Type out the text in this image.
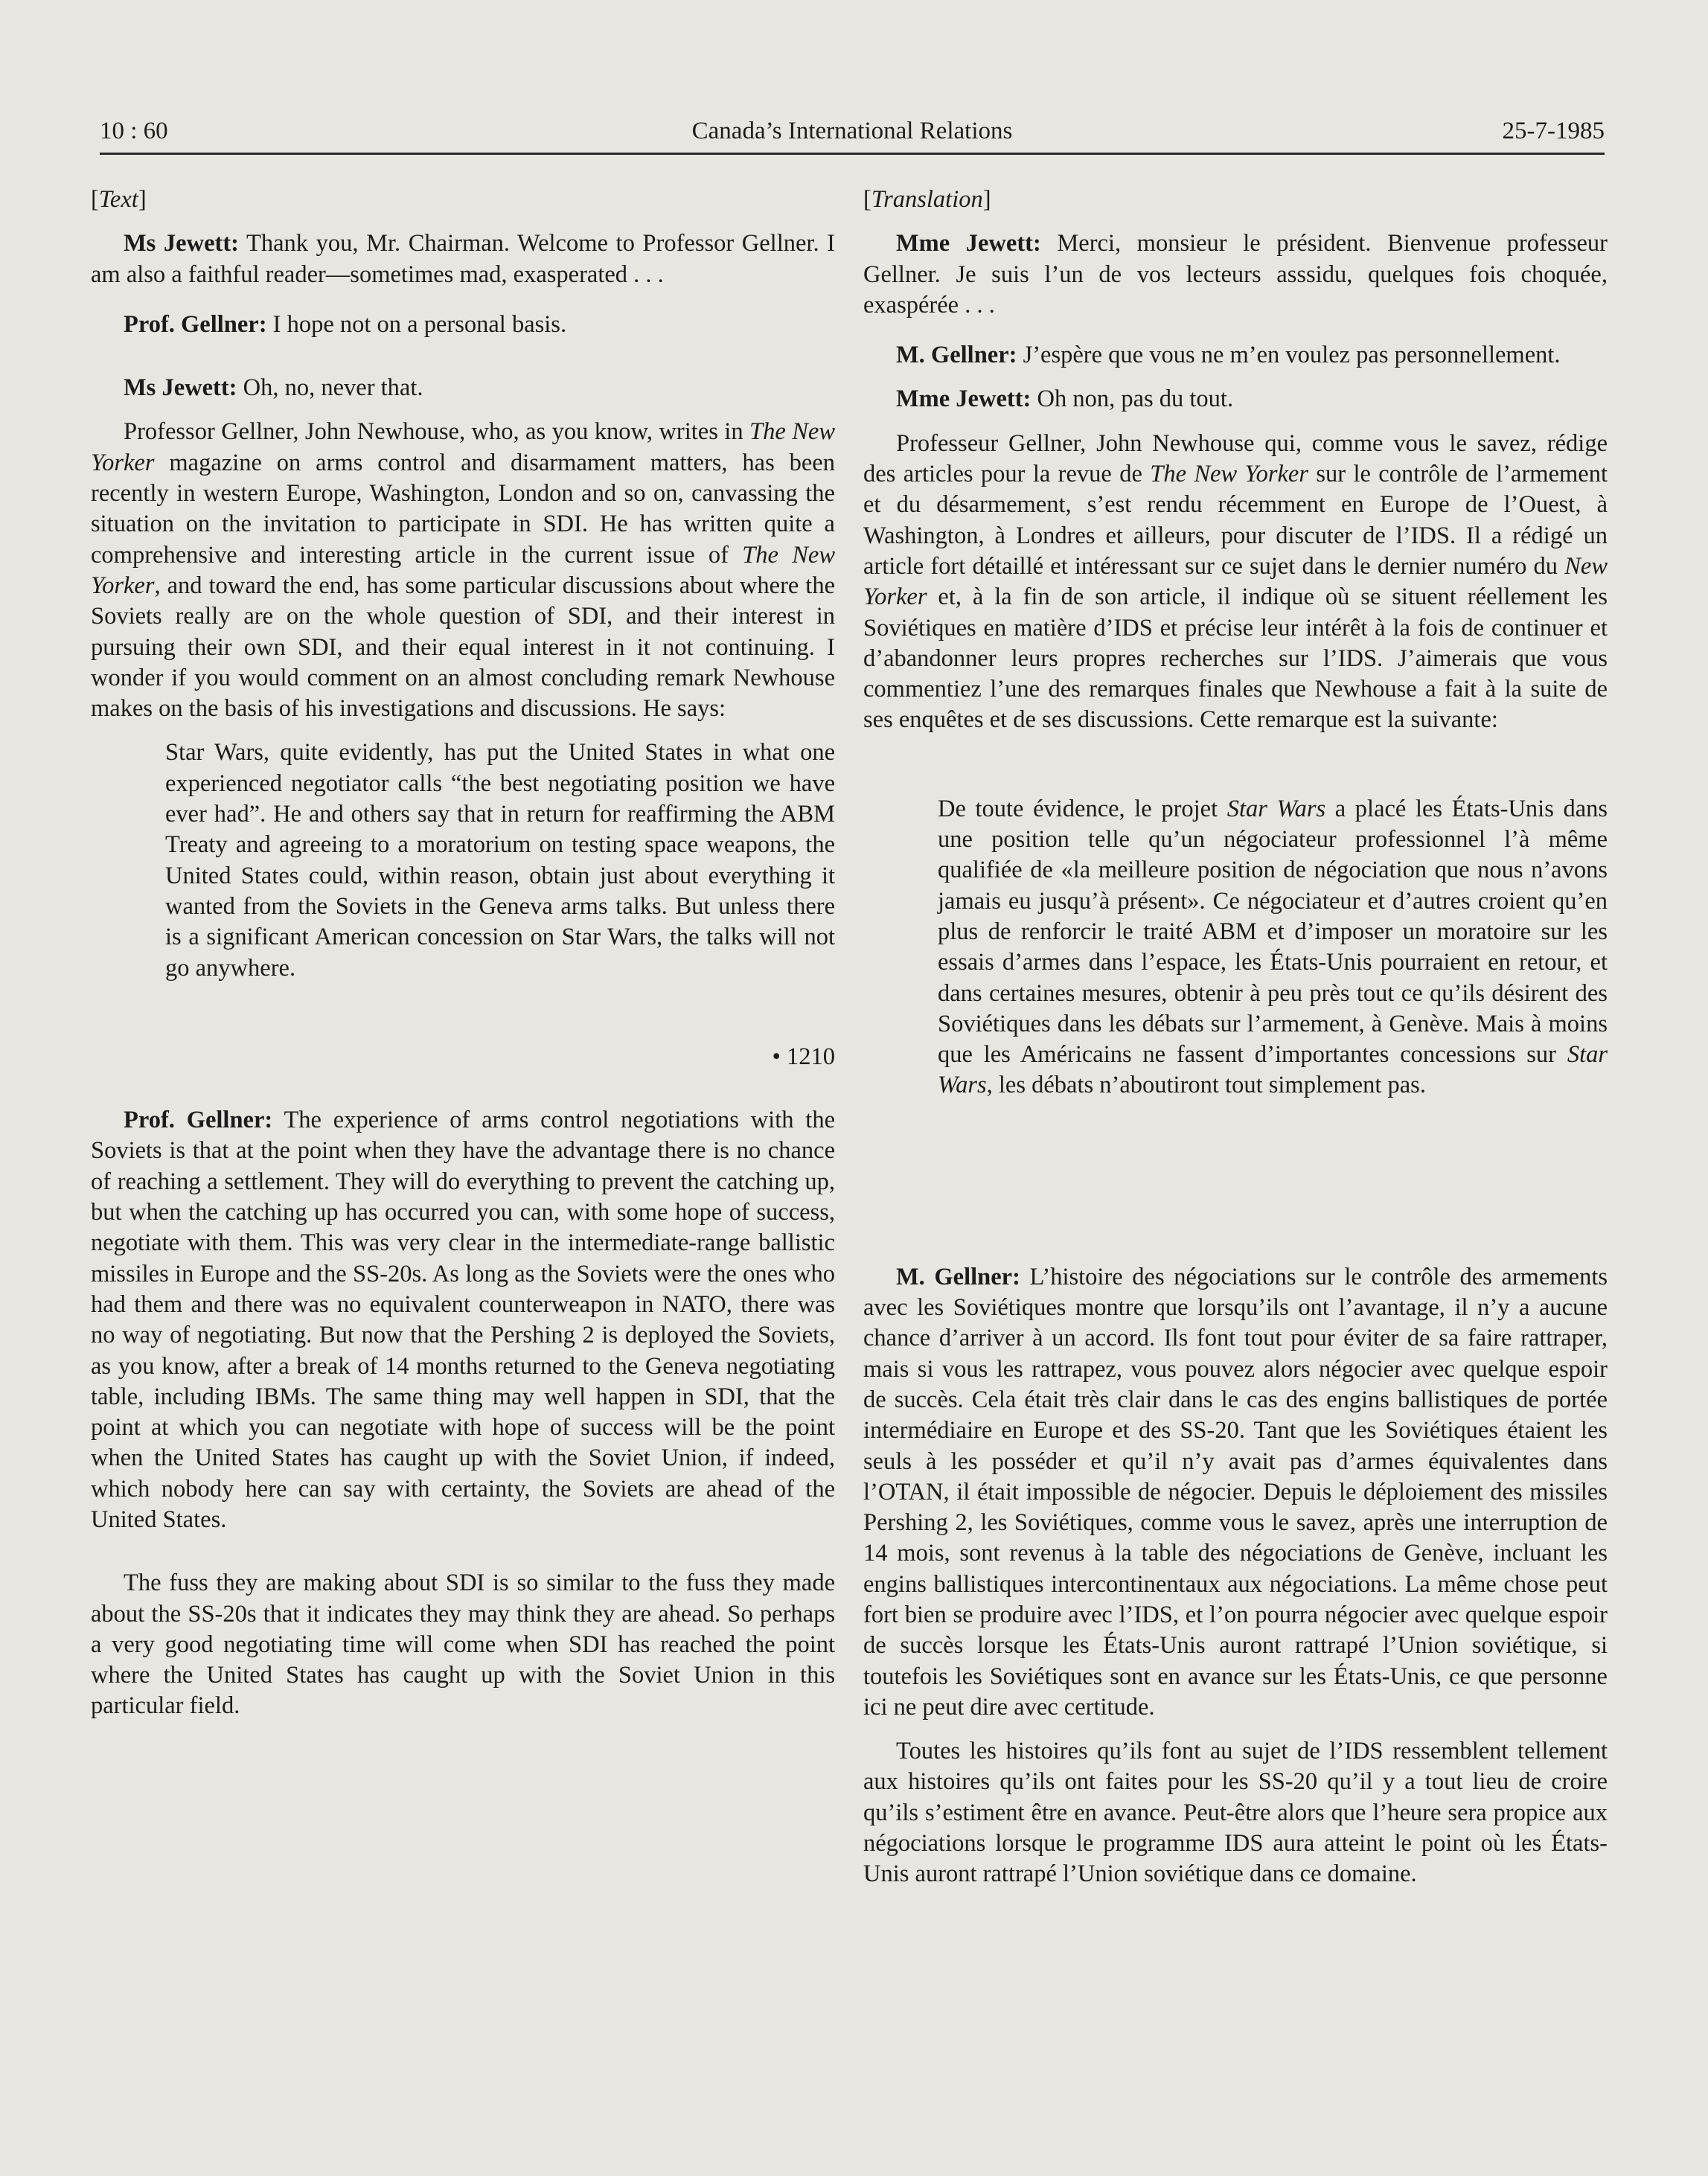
10 : 60	Canada’s International Relations	25-7-1985

[Text]

Ms Jewett: Thank you, Mr. Chairman. Welcome to Professor Gellner. I am also a faithful reader—sometimes mad, exasperated . . .

Prof. Gellner: I hope not on a personal basis.

Ms Jewett: Oh, no, never that.

Professor Gellner, John Newhouse, who, as you know, writes in The New Yorker magazine on arms control and disarmament matters, has been recently in western Europe, Washington, London and so on, canvassing the situation on the invitation to participate in SDI. He has written quite a comprehensive and interesting article in the current issue of The New Yorker, and toward the end, has some particular discussions about where the Soviets really are on the whole question of SDI, and their interest in pursuing their own SDI, and their equal interest in it not continuing. I wonder if you would comment on an almost concluding remark Newhouse makes on the basis of his investigations and discussions. He says:

Star Wars, quite evidently, has put the United States in what one experienced negotiator calls “the best negotiating position we have ever had”. He and others say that in return for reaffirming the ABM Treaty and agreeing to a moratorium on testing space weapons, the United States could, within reason, obtain just about everything it wanted from the Soviets in the Geneva arms talks. But unless there is a significant American concession on Star Wars, the talks will not go anywhere.

• 1210

Prof. Gellner: The experience of arms control negotiations with the Soviets is that at the point when they have the advantage there is no chance of reaching a settlement. They will do everything to prevent the catching up, but when the catching up has occurred you can, with some hope of success, negotiate with them. This was very clear in the intermediate-range ballistic missiles in Europe and the SS-20s. As long as the Soviets were the ones who had them and there was no equivalent counterweapon in NATO, there was no way of negotiating. But now that the Pershing 2 is deployed the Soviets, as you know, after a break of 14 months returned to the Geneva negotiating table, including IBMs. The same thing may well happen in SDI, that the point at which you can negotiate with hope of success will be the point when the United States has caught up with the Soviet Union, if indeed, which nobody here can say with certainty, the Soviets are ahead of the United States.

The fuss they are making about SDI is so similar to the fuss they made about the SS-20s that it indicates they may think they are ahead. So perhaps a very good negotiating time will come when SDI has reached the point where the United States has caught up with the Soviet Union in this particular field.

[Translation]

Mme Jewett: Merci, monsieur le président. Bienvenue professeur Gellner. Je suis l’un de vos lecteurs asssidu, quelques fois choquée, exaspérée . . .

M. Gellner: J’espère que vous ne m’en voulez pas personnellement.

Mme Jewett: Oh non, pas du tout.

Professeur Gellner, John Newhouse qui, comme vous le savez, rédige des articles pour la revue de The New Yorker sur le contrôle de l’armement et du désarmement, s’est rendu récemment en Europe de l’Ouest, à Washington, à Londres et ailleurs, pour discuter de l’IDS. Il a rédigé un article fort détaillé et intéressant sur ce sujet dans le dernier numéro du New Yorker et, à la fin de son article, il indique où se situent réellement les Soviétiques en matière d’IDS et précise leur intérêt à la fois de continuer et d’abandonner leurs propres recherches sur l’IDS. J’aimerais que vous commentiez l’une des remarques finales que Newhouse a fait à la suite de ses enquêtes et de ses discussions. Cette remarque est la suivante:

De toute évidence, le projet Star Wars a placé les États-Unis dans une position telle qu’un négociateur professionnel l’à même qualifiée de «la meilleure position de négociation que nous n’avons jamais eu jusqu’à présent». Ce négociateur et d’autres croient qu’en plus de renforcir le traité ABM et d’imposer un moratoire sur les essais d’armes dans l’espace, les États-Unis pourraient en retour, et dans certaines mesures, obtenir à peu près tout ce qu’ils désirent des Soviétiques dans les débats sur l’armement, à Genève. Mais à moins que les Américains ne fassent d’importantes concessions sur Star Wars, les débats n’aboutiront tout simplement pas.

M. Gellner: L’histoire des négociations sur le contrôle des armements avec les Soviétiques montre que lorsqu’ils ont l’avantage, il n’y a aucune chance d’arriver à un accord. Ils font tout pour éviter de sa faire rattraper, mais si vous les rattrapez, vous pouvez alors négocier avec quelque espoir de succès. Cela était très clair dans le cas des engins ballistiques de portée intermédiaire en Europe et des SS-20. Tant que les Soviétiques étaient les seuls à les posséder et qu’il n’y avait pas d’armes équivalentes dans l’OTAN, il était impossible de négocier. Depuis le déploiement des missiles Pershing 2, les Soviétiques, comme vous le savez, après une interruption de 14 mois, sont revenus à la table des négociations de Genève, incluant les engins ballistiques intercontinentaux aux négociations. La même chose peut fort bien se produire avec l’IDS, et l’on pourra négocier avec quelque espoir de succès lorsque les États-Unis auront rattrapé l’Union soviétique, si toutefois les Soviétiques sont en avance sur les États-Unis, ce que personne ici ne peut dire avec certitude.

Toutes les histoires qu’ils font au sujet de l’IDS ressemblent tellement aux histoires qu’ils ont faites pour les SS-20 qu’il y a tout lieu de croire qu’ils s’estiment être en avance. Peut-être alors que l’heure sera propice aux négociations lorsque le programme IDS aura atteint le point où les États-Unis auront rattrapé l’Union soviétique dans ce domaine.
